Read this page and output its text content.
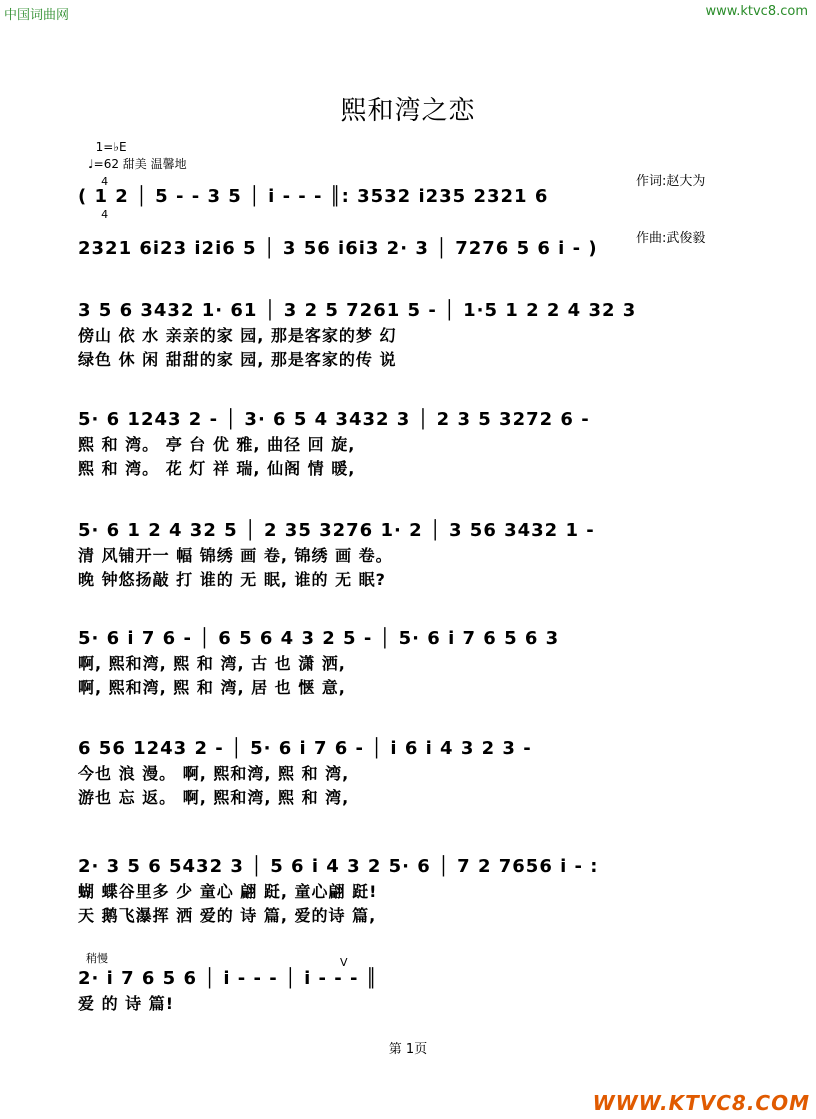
中国词曲网	www.ktvc8.com
熙和湾之恋

作词:赵大为

作曲:武俊毅

1=♭E

4

4

♩=62 甜美 温馨地
( 1 2 │ 5 - - 3 5 │ i - - - ║: 3532 i235 2321 6
2321 6i23 i2i6 5 │ 3 56 i6i3 2· 3 │ 7276 5 6 i - )
3 5 6 3432 1· 61 │ 3 2 5 7261 5 - │ 1·5 1 2 2 4 32 3
傍山 依 水 亲亲的家 园, 那是客家的梦 幻
绿色 休 闲 甜甜的家 园, 那是客家的传 说
5· 6 1243 2 - │ 3· 6 5 4 3432 3 │ 2 3 5 3272 6 -
熙 和 湾。 亭 台 优 雅, 曲径 回 旋,
熙 和 湾。 花 灯 祥 瑞, 仙阁 情 暖,
5· 6 1 2 4 32 5 │ 2 35 3276 1· 2 │ 3 56 3432 1 -
清 风铺开一 幅 锦绣 画 卷, 锦绣 画 卷。
晚 钟悠扬敲 打 谁的 无 眠, 谁的 无 眠?
5· 6 i 7 6 - │ 6 5 6 4 3 2 5 - │ 5· 6 i 7 6 5 6 3
啊, 熙和湾, 熙 和 湾, 古 也 潇 洒,
啊, 熙和湾, 熙 和 湾, 居 也 惬 意,
6 56 1243 2 - │ 5· 6 i 7 6 - │ i 6 i 4 3 2 3 -
今也 浪 漫。 啊, 熙和湾, 熙 和 湾,
游也 忘 返。 啊, 熙和湾, 熙 和 湾,
2· 3 5 6 5432 3 │ 5 6 i 4 3 2 5· 6 │ 7 2 7656 i - :
蝴 蝶谷里多 少 童心 翩 跹, 童心翩 跹!
天 鹅飞瀑挥 洒 爱的 诗 篇, 爱的诗 篇,
稍慢	V
2· i 7 6 5 6 │ i - - - │ i - - - ║
爱 的 诗 篇!
第 1页
WWW.KTVC8.COM
